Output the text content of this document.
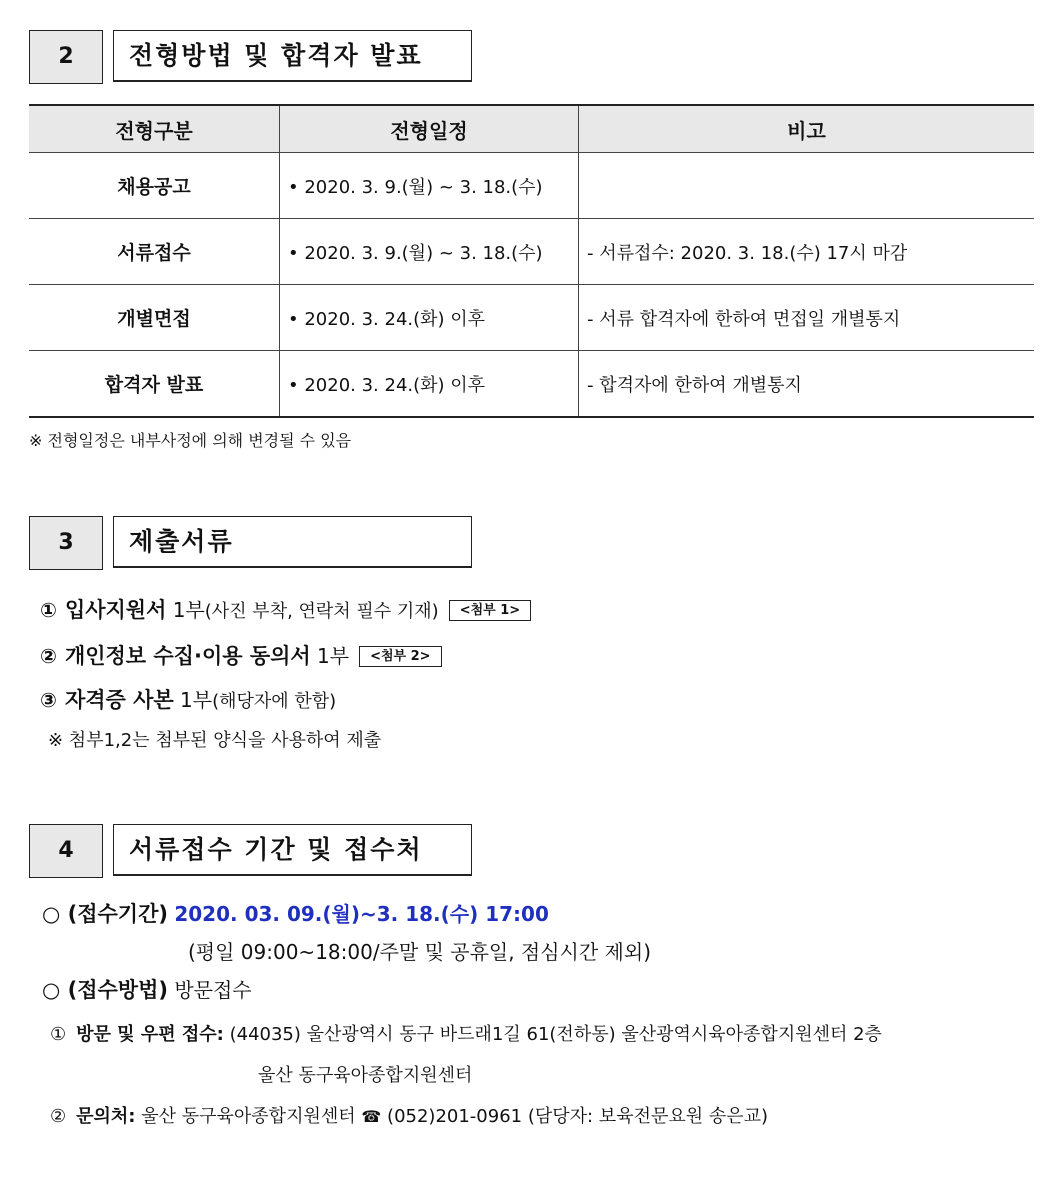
2	전형방법 및 합격자 발표
전형구분	전형일정	비고
채용공고	• 2020. 3. 9.(월) ~ 3. 18.(수)	
서류접수	• 2020. 3. 9.(월) ~ 3. 18.(수)	- 서류접수: 2020. 3. 18.(수) 17시 마감
개별면접	• 2020. 3. 24.(화) 이후	- 서류 합격자에 한하여 면접일 개별통지
합격자 발표	• 2020. 3. 24.(화) 이후	- 합격자에 한하여 개별통지
※ 전형일정은 내부사정에 의해 변경될 수 있음
3	제출서류
① 입사지원서 1부(사진 부착, 연락처 필수 기재) <첨부 1>
② 개인정보 수집·이용 동의서 1부 <첨부 2>
③ 자격증 사본 1부(해당자에 한함)
※ 첨부1,2는 첨부된 양식을 사용하여 제출
4	서류접수 기간 및 접수처
○ (접수기간) 2020. 03. 09.(월)~3. 18.(수) 17:00
(평일 09:00~18:00/주말 및 공휴일, 점심시간 제외)
○ (접수방법) 방문접수
① 방문 및 우편 접수: (44035) 울산광역시 동구 바드래1길 61(전하동) 울산광역시육아종합지원센터 2층
울산 동구육아종합지원센터
② 문의처: 울산 동구육아종합지원센터 ☎ (052)201-0961 (담당자: 보육전문요원 송은교)
